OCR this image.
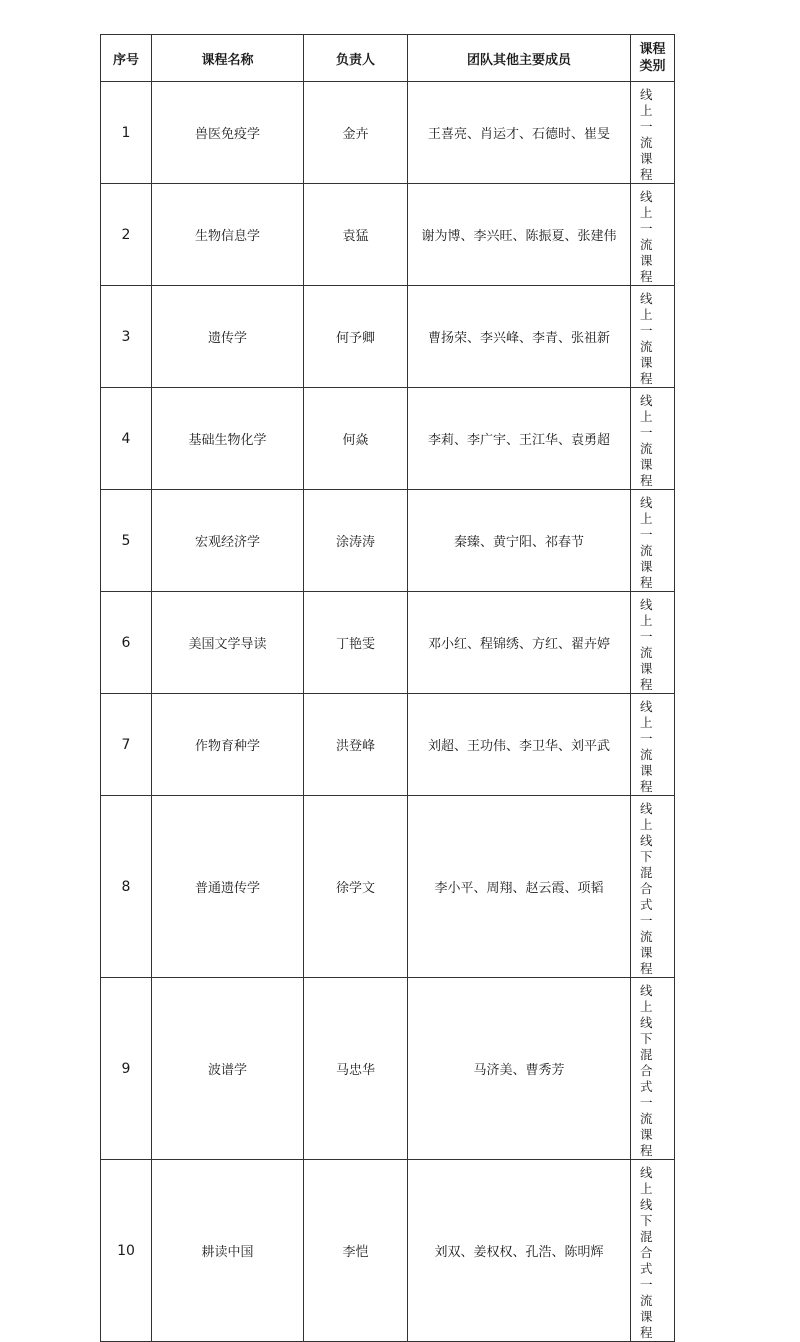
序号	课程名称	负责人	团队其他主要成员	课程类别

1	兽医免疫学	金卉	王喜亮、肖运才、石德时、崔旻	线上一流课程

2	生物信息学	袁猛	谢为博、李兴旺、陈振夏、张建伟	线上一流课程

3	遗传学	何予卿	曹扬荣、李兴峰、李青、张祖新	线上一流课程

4	基础生物化学	何焱	李莉、李广宇、王江华、袁勇超	线上一流课程

5	宏观经济学	涂涛涛	秦臻、黄宁阳、祁春节	线上一流课程

6	美国文学导读	丁艳雯	邓小红、程锦绣、方红、翟卉婷	线上一流课程

7	作物育种学	洪登峰	刘超、王功伟、李卫华、刘平武	线上一流课程

8	普通遗传学	徐学文	李小平、周翔、赵云霞、项韬	线上线下混合式一流课程

9	波谱学	马忠华	马济美、曹秀芳	线上线下混合式一流课程

10	耕读中国	李恺	刘双、姜权权、孔浩、陈明辉	线上线下混合式一流课程
